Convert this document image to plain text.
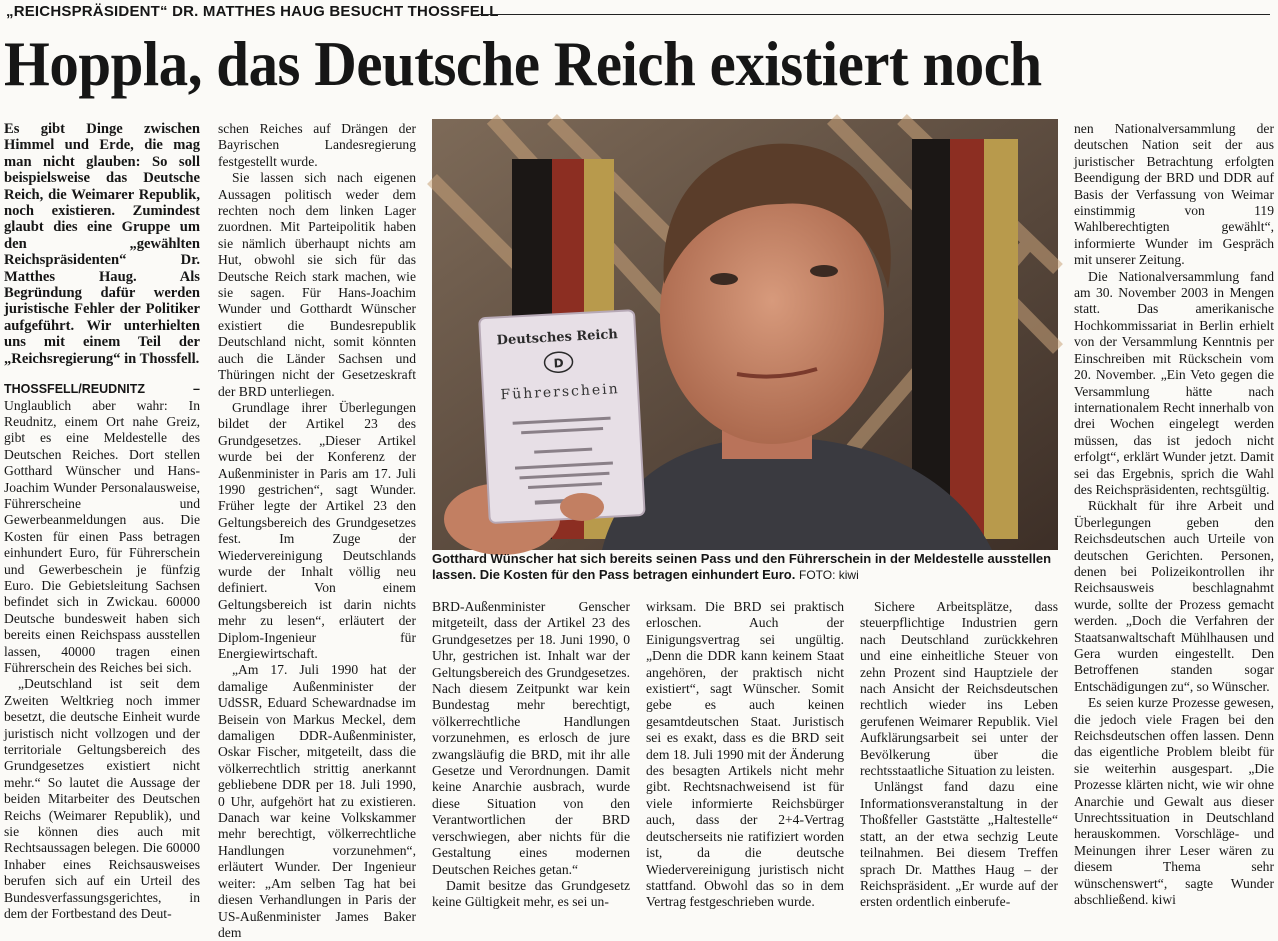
„REICHSPRÄSIDENT“ DR. MATTHES HAUG BESUCHT THOSSFELL
Hoppla, das Deutsche Reich existiert noch

Es gibt Dinge zwischen Himmel und Erde, die mag man nicht glauben: So soll beispielsweise das Deutsche Reich, die Weimarer Republik, noch existieren. Zumindest glaubt dies eine Gruppe um den „gewählten Reichspräsidenten“ Dr. Matthes Haug. Als Begründung dafür werden juristische Fehler der Politiker aufgeführt. Wir unterhielten uns mit einem Teil der „Reichsregierung“ in Thossfell.

THOSSFELL/REUDNITZ – Unglaublich aber wahr: In Reudnitz, einem Ort nahe Greiz, gibt es eine Meldestelle des Deutschen Reiches. Dort stellen Gotthard Wünscher und Hans-Joachim Wunder Personalausweise, Führerscheine und Gewerbeanmeldungen aus. Die Kosten für einen Pass betragen einhundert Euro, für Führerschein und Gewerbeschein je fünfzig Euro. Die Gebietsleitung Sachsen befindet sich in Zwickau. 60000 Deutsche bundesweit haben sich bereits einen Reichspass ausstellen lassen, 40000 tragen einen Führerschein des Reiches bei sich.

„Deutschland ist seit dem Zweiten Weltkrieg noch immer besetzt, die deutsche Einheit wurde juristisch nicht vollzogen und der territoriale Geltungsbereich des Grundgesetzes existiert nicht mehr.“ So lautet die Aussage der beiden Mitarbeiter des Deutschen Reichs (Weimarer Republik), und sie können dies auch mit Rechtsaussagen belegen. Die 60000 Inhaber eines Reichsausweises berufen sich auf ein Urteil des Bundesverfassungsgerichtes, in dem der Fortbestand des Deut-

schen Reiches auf Drängen der Bayrischen Landesregierung festgestellt wurde.

Sie lassen sich nach eigenen Aussagen politisch weder dem rechten noch dem linken Lager zuordnen. Mit Parteipolitik haben sie nämlich überhaupt nichts am Hut, obwohl sie sich für das Deutsche Reich stark machen, wie sie sagen. Für Hans-Joachim Wunder und Gotthardt Wünscher existiert die Bundesrepublik Deutschland nicht, somit könnten auch die Länder Sachsen und Thüringen nicht der Gesetzeskraft der BRD unterliegen.

Grundlage ihrer Überlegungen bildet der Artikel 23 des Grundgesetzes. „Dieser Artikel wurde bei der Konferenz der Außenminister in Paris am 17. Juli 1990 gestrichen“, sagt Wunder. Früher legte der Artikel 23 den Geltungsbereich des Grundgesetzes fest. Im Zuge der Wiedervereinigung Deutschlands wurde der Inhalt völlig neu definiert. Von einem Geltungsbereich ist darin nichts mehr zu lesen“, erläutert der Diplom-Ingenieur für Energiewirtschaft.

„Am 17. Juli 1990 hat der damalige Außenminister der UdSSR, Eduard Schewardnadse im Beisein von Markus Meckel, dem damaligen DDR-Außenminister, Oskar Fischer, mitgeteilt, dass die völkerrechtlich strittig anerkannt gebliebene DDR per 18. Juli 1990, 0 Uhr, aufgehört hat zu existieren. Danach war keine Volkskammer mehr berechtigt, völkerrechtliche Handlungen vorzunehmen“, erläutert Wunder. Der Ingenieur weiter: „Am selben Tag hat bei diesen Verhandlungen in Paris der US-Außenminister James Baker dem

Deutsches Reich
D
Führerschein
Gotthard Wünscher hat sich bereits seinen Pass und den Führerschein in der Meldestelle ausstellen lassen. Die Kosten für den Pass betragen einhundert Euro. FOTO: kiwi

BRD-Außenminister Genscher mitgeteilt, dass der Artikel 23 des Grundgesetzes per 18. Juni 1990, 0 Uhr, gestrichen ist. Inhalt war der Geltungsbereich des Grundgesetzes. Nach diesem Zeitpunkt war kein Bundestag mehr berechtigt, völkerrechtliche Handlungen vorzunehmen, es erlosch de jure zwangsläufig die BRD, mit ihr alle Gesetze und Verordnungen. Damit keine Anarchie ausbrach, wurde diese Situation von den Verantwortlichen der BRD verschwiegen, aber nichts für die Gestaltung eines modernen Deutschen Reiches getan.“

Damit besitze das Grundgesetz keine Gültigkeit mehr, es sei un-

wirksam. Die BRD sei praktisch erloschen. Auch der Einigungsvertrag sei ungültig. „Denn die DDR kann keinem Staat angehören, der praktisch nicht existiert“, sagt Wünscher. Somit gebe es auch keinen gesamtdeutschen Staat. Juristisch sei es exakt, dass es die BRD seit dem 18. Juli 1990 mit der Änderung des besagten Artikels nicht mehr gibt. Rechtsnachweisend ist für viele informierte Reichsbürger auch, dass der 2+4-Vertrag deutscherseits nie ratifiziert worden ist, da die deutsche Wiedervereinigung juristisch nicht stattfand. Obwohl das so in dem Vertrag festgeschrieben wurde.

Sichere Arbeitsplätze, dass steuerpflichtige Industrien gern nach Deutschland zurückkehren und eine einheitliche Steuer von zehn Prozent sind Hauptziele der nach Ansicht der Reichsdeutschen rechtlich wieder ins Leben gerufenen Weimarer Republik. Viel Aufklärungsarbeit sei unter der Bevölkerung über die rechtsstaatliche Situation zu leisten.

Unlängst fand dazu eine Informationsveranstaltung in der Thoßfeller Gaststätte „Haltestelle“ statt, an der etwa sechzig Leute teilnahmen. Bei diesem Treffen sprach Dr. Matthes Haug – der Reichspräsident. „Er wurde auf der ersten ordentlich einberufe-

nen Nationalversammlung der deutschen Nation seit der aus juristischer Betrachtung erfolgten Beendigung der BRD und DDR auf Basis der Verfassung von Weimar einstimmig von 119 Wahlberechtigten gewählt“, informierte Wunder im Gespräch mit unserer Zeitung.

Die Nationalversammlung fand am 30. November 2003 in Mengen statt. Das amerikanische Hochkommissariat in Berlin erhielt von der Versammlung Kenntnis per Einschreiben mit Rückschein vom 20. November. „Ein Veto gegen die Versammlung hätte nach internationalem Recht innerhalb von drei Wochen eingelegt werden müssen, das ist jedoch nicht erfolgt“, erklärt Wunder jetzt. Damit sei das Ergebnis, sprich die Wahl des Reichspräsidenten, rechtsgültig.

Rückhalt für ihre Arbeit und Überlegungen geben den Reichsdeutschen auch Urteile von deutschen Gerichten. Personen, denen bei Polizeikontrollen ihr Reichsausweis beschlagnahmt wurde, sollte der Prozess gemacht werden. „Doch die Verfahren der Staatsanwaltschaft Mühlhausen und Gera wurden eingestellt. Den Betroffenen standen sogar Entschädigungen zu“, so Wünscher.

Es seien kurze Prozesse gewesen, die jedoch viele Fragen bei den Reichsdeutschen offen lassen. Denn das eigentliche Problem bleibt für sie weiterhin ausgespart. „Die Prozesse klärten nicht, wie wir ohne Anarchie und Gewalt aus dieser Unrechtssituation in Deutschland herauskommen. Vorschläge- und Meinungen ihrer Leser wären zu diesem Thema sehr wünschenswert“, sagte Wunder abschließend. kiwi
